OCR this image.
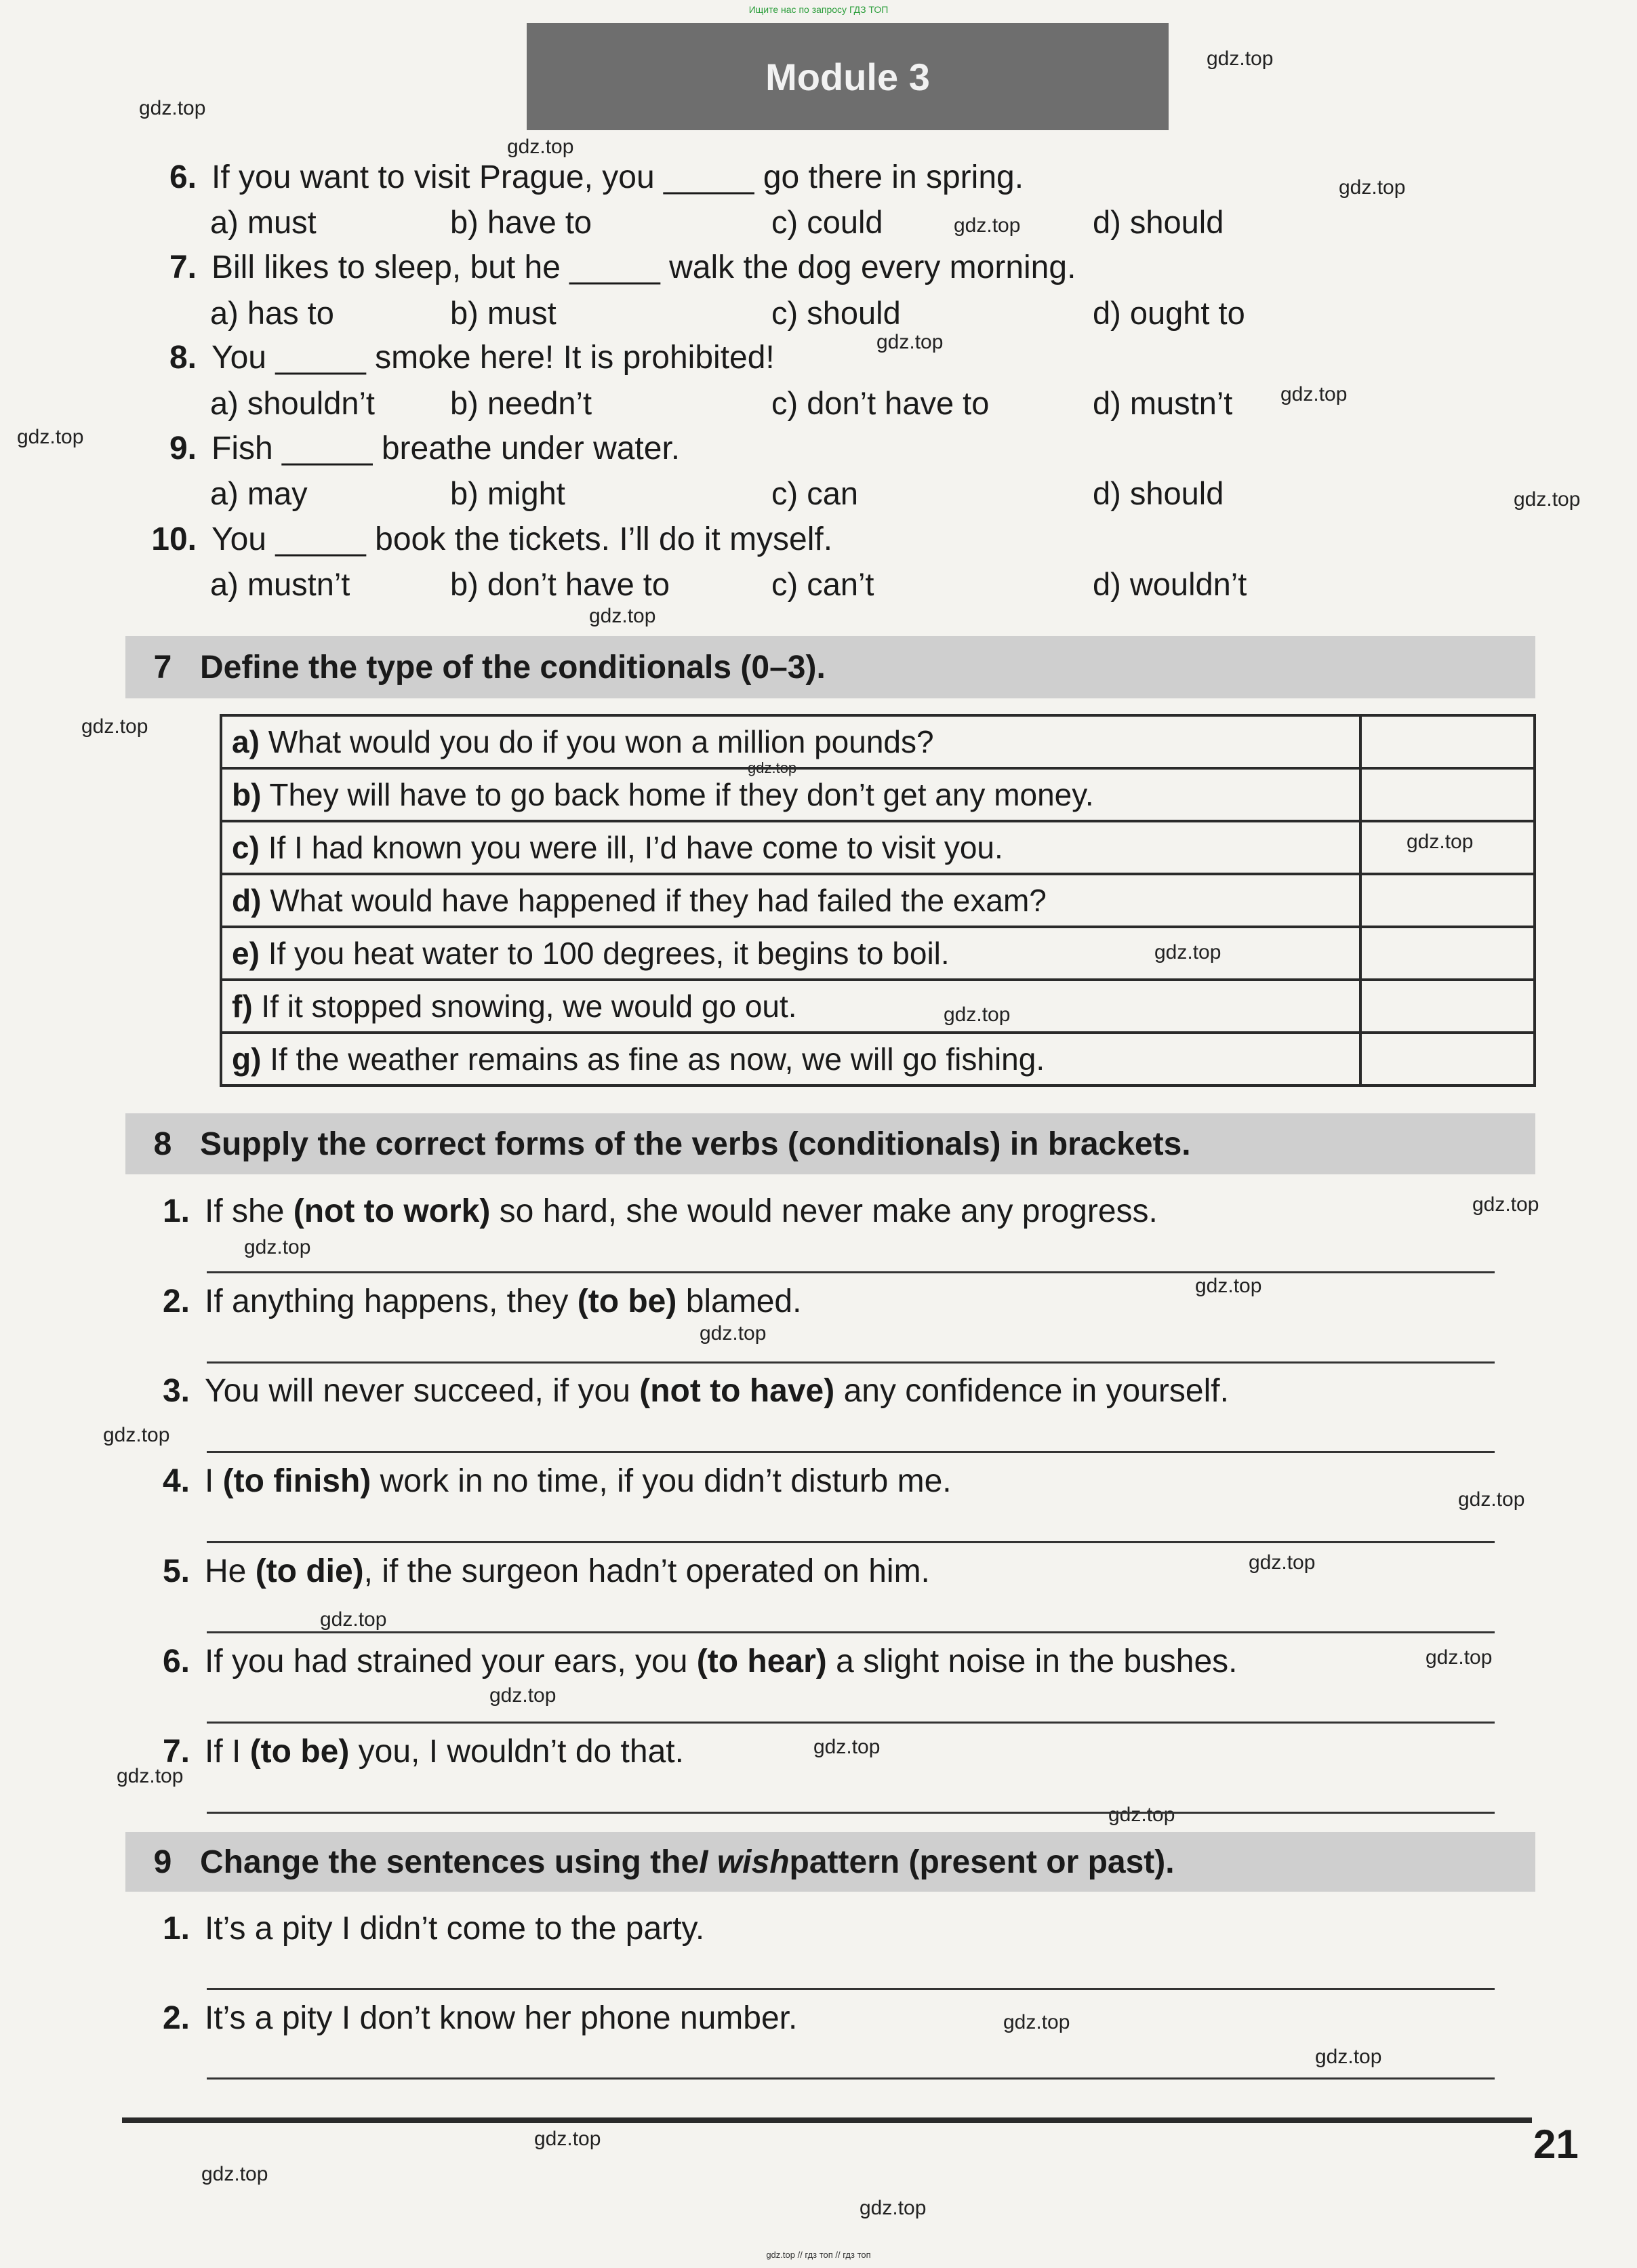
Ищите нас по запросу ГДЗ ТОП
Module 3	gdz.top
gdz.top
gdz.top
gdz.top
gdz.top
gdz.top
gdz.top
gdz.top
gdz.top
gdz.top
gdz.top
gdz.top
gdz.top
gdz.top
gdz.top
gdz.top
gdz.top
gdz.top
gdz.top
gdz.top
gdz.top
gdz.top
gdz.top
gdz.top
gdz.top
gdz.top
gdz.top
gdz.top
gdz.top
gdz.top
gdz.top
gdz.top
gdz.top
6. If you want to visit Prague, you _____ go there in spring.
a) must	b) have to	c) could	d) should
7. Bill likes to sleep, but he _____ walk the dog every morning.
a) has to	b) must	c) should	d) ought to
8. You _____ smoke here! It is prohibited!
a) shouldn’t b) needn’t	c) don’t have to	d) mustn’t
9. Fish _____ breathe under water.
a) may	b) might	c) can	d) should
10. You _____ book the tickets. I’ll do it myself.
a) mustn’t	b) don’t have to	c) can’t	d) wouldn’t
7 Define the type of the conditionals (0–3).
a) What would you do if you won a million pounds?	
b) They will have to go back home if they don’t get any money.	
c) If I had known you were ill, I’d have come to visit you.	
d) What would have happened if they had failed the exam?	
e) If you heat water to 100 degrees, it begins to boil.	
f) If it stopped snowing, we would go out.	
g) If the weather remains as fine as now, we will go fishing.	
8 Supply the correct forms of the verbs (conditionals) in brackets.
1. If she (not to work) so hard, she would never make any progress.
2. If anything happens, they (to be) blamed.
3. You will never succeed, if you (not to have) any confidence in yourself.
4. I (to finish) work in no time, if you didn’t disturb me.
5. He (to die), if the surgeon hadn’t operated on him.
6. If you had strained your ears, you (to hear) a slight noise in the bushes.
7. If I (to be) you, I wouldn’t do that.
9 Change the sentences using the I wish pattern (present or past).
1. It’s a pity I didn’t come to the party.
2. It’s a pity I don’t know her phone number.
21
gdz.top // гдз топ // гдз топ
